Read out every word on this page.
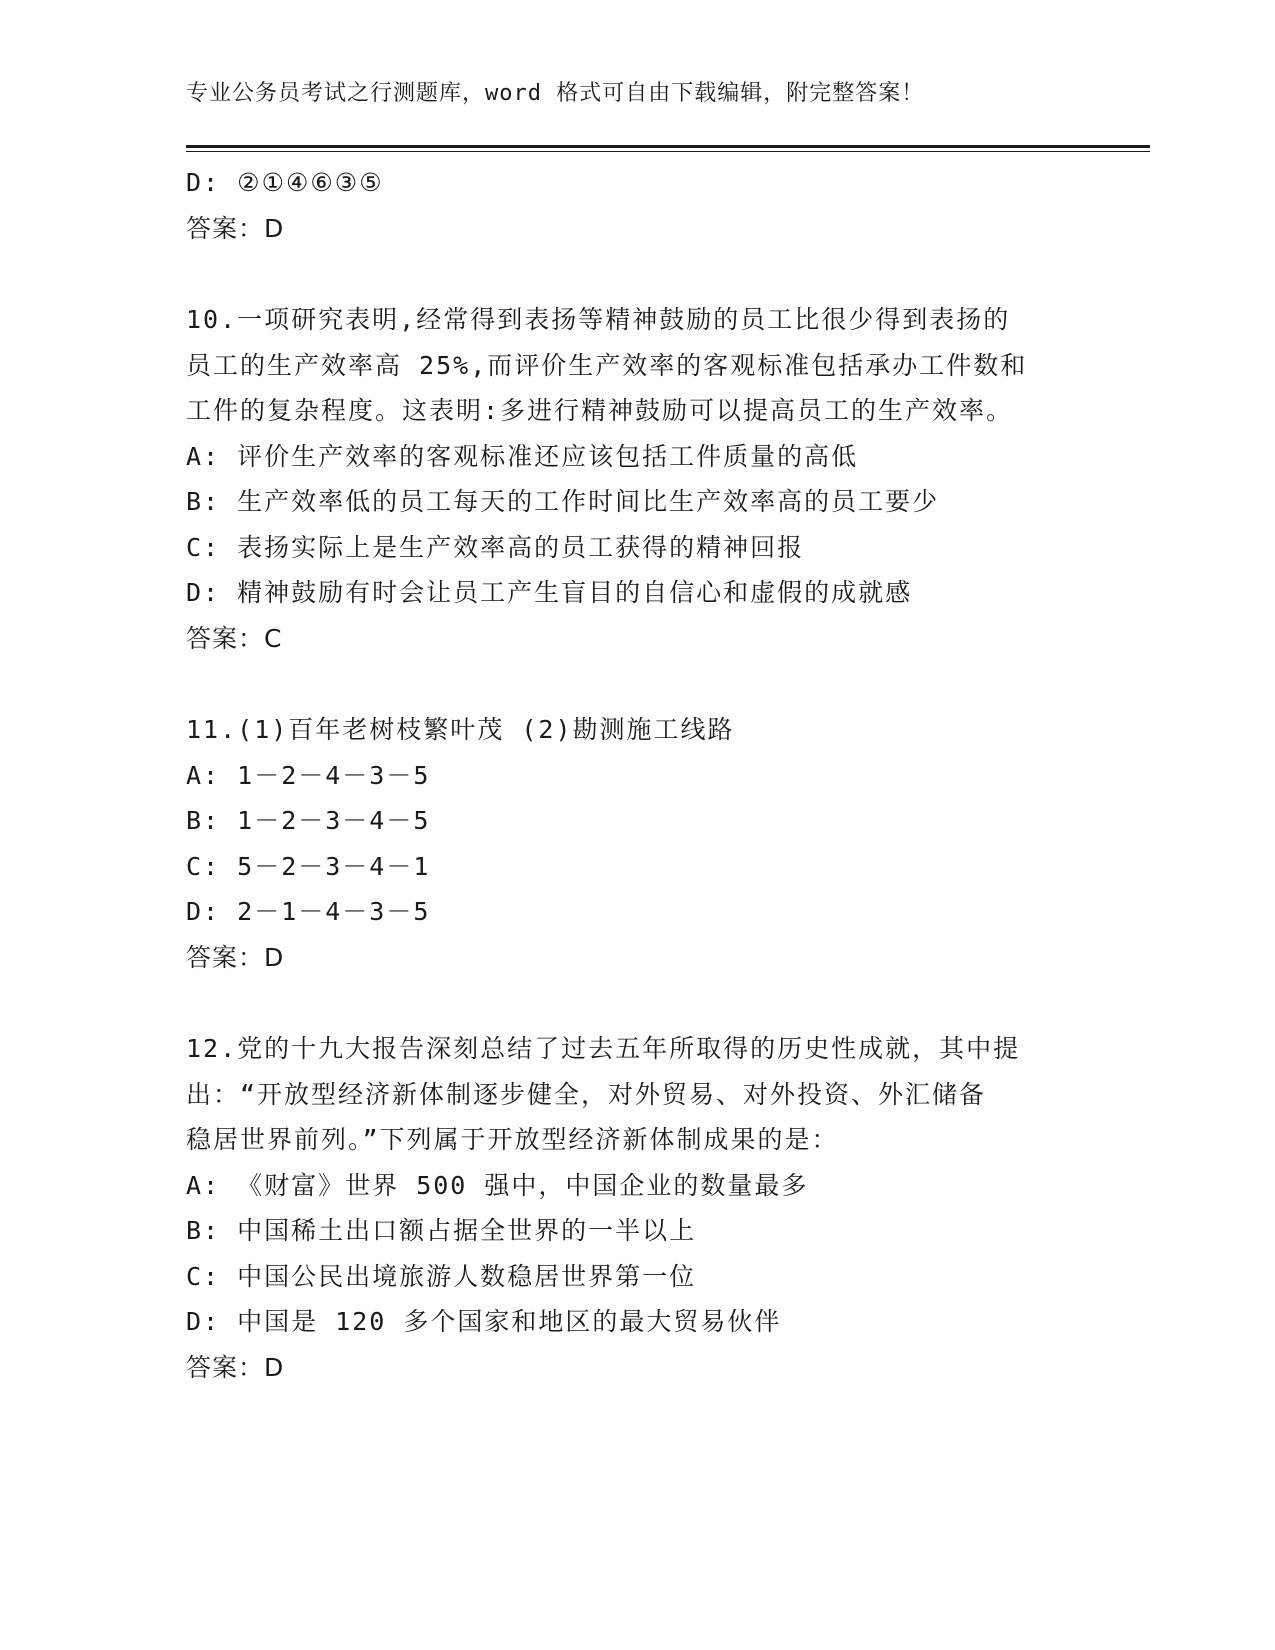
专业公务员考试之行测题库，word 格式可自由下载编辑，附完整答案！
D: ②①④⑥③⑤
答案：D
10.一项研究表明,经常得到表扬等精神鼓励的员工比很少得到表扬的
员工的生产效率高 25%,而评价生产效率的客观标准包括承办工件数和
工件的复杂程度。这表明:多进行精神鼓励可以提高员工的生产效率。
A: 评价生产效率的客观标准还应该包括工件质量的高低
B: 生产效率低的员工每天的工作时间比生产效率高的员工要少
C: 表扬实际上是生产效率高的员工获得的精神回报
D: 精神鼓励有时会让员工产生盲目的自信心和虚假的成就感
答案：C
11.(1)百年老树枝繁叶茂 (2)勘测施工线路
A: 1－2－4－3－5
B: 1－2－3－4－5
C: 5－2－3－4－1
D: 2－1－4－3－5
答案：D
12.党的十九大报告深刻总结了过去五年所取得的历史性成就，其中提
出：“开放型经济新体制逐步健全，对外贸易、对外投资、外汇储备
稳居世界前列。”下列属于开放型经济新体制成果的是：
A: 《财富》世界 500 强中，中国企业的数量最多
B: 中国稀土出口额占据全世界的一半以上
C: 中国公民出境旅游人数稳居世界第一位
D: 中国是 120 多个国家和地区的最大贸易伙伴
答案：D
